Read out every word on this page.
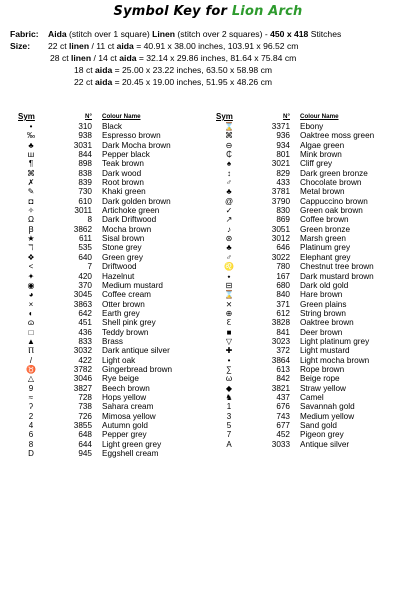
Symbol Key for Lion Arch
Fabric: Aida (stitch over 1 square) Linen (stitch over 2 squares) - 450 x 418 Stitches
Size: 22 ct linen / 11 ct aida = 40.91 x 38.00 inches, 103.91 x 96.52 cm
28 ct linen / 14 ct aida = 32.14 x 29.86 inches, 81.64 x 75.84 cm
18 ct aida = 25.00 x 23.22 inches, 63.50 x 58.98 cm
22 ct aida = 20.45 x 19.00 inches, 51.95 x 48.26 cm
Sym	N°	Colour Name
•	310	Black
‰	938	Espresso brown
♣	3031	Dark Mocha brown
ш	844	Pepper black
¶	898	Teak brown
⌘	838	Dark wood
✗	839	Root brown
✎	730	Khaki green
◘	610	Dark golden brown
✧	3011	Artichoke green
Ω	8	Dark Driftwood
Ꞵ	3862	Mocha brown
★	611	Sisal brown
ℸ	535	Stone grey
❖	640	Green grey
<	7	Driftwood
✦	420	Hazelnut
◉	370	Medium mustard
◕	3045	Coffee cream
×	3863	Otter brown
◐	642	Earth grey
ɷ	451	Shell pink grey
□	436	Teddy brown
▲	833	Brass
Ⲡ	3032	Dark antique silver
/	422	Light oak
♉	3782	Gingerbread brown
△	3046	Rye beige
9	3827	Beech brown
≈	728	Hops yellow
ʔ	738	Sahara cream
2	726	Mimosa yellow
4	3855	Autumn gold
6	648	Pepper grey
8	644	Light green grey
D	945	Eggshell cream
Sym	N°	Colour Name
⌛	3371	Ebony
⌘	936	Oaktree moss green
⊖	934	Algae green
₵	801	Mink brown
♠	3021	Cliff grey
↕	829	Dark green bronze
♂	433	Chocolate brown
♣	3781	Metal brown
@	3790	Cappuccino brown
✓	830	Green oak brown
↗	869	Coffee brown
♪	3051	Green bronze
⊛	3012	Marsh green
♣	646	Platinum grey
♂	3022	Elephant grey
♌	780	Chestnut tree brown
⬩	167	Dark mustard brown
⊟	680	Dark old gold
⌛	840	Hare brown
⨯	371	Green plains
⊕	612	String brown
ℇ	3828	Oaktree brown
■	841	Deer brown
▽	3023	Light platinum grey
✚	372	Light mustard
•	3864	Light mocha brown
∑	613	Rope brown
ω	842	Beige rope
◆	3821	Straw yellow
♞	437	Camel
1	676	Savannah gold
3	743	Medium yellow
5	677	Sand gold
7	452	Pigeon grey
A	3033	Antique silver
